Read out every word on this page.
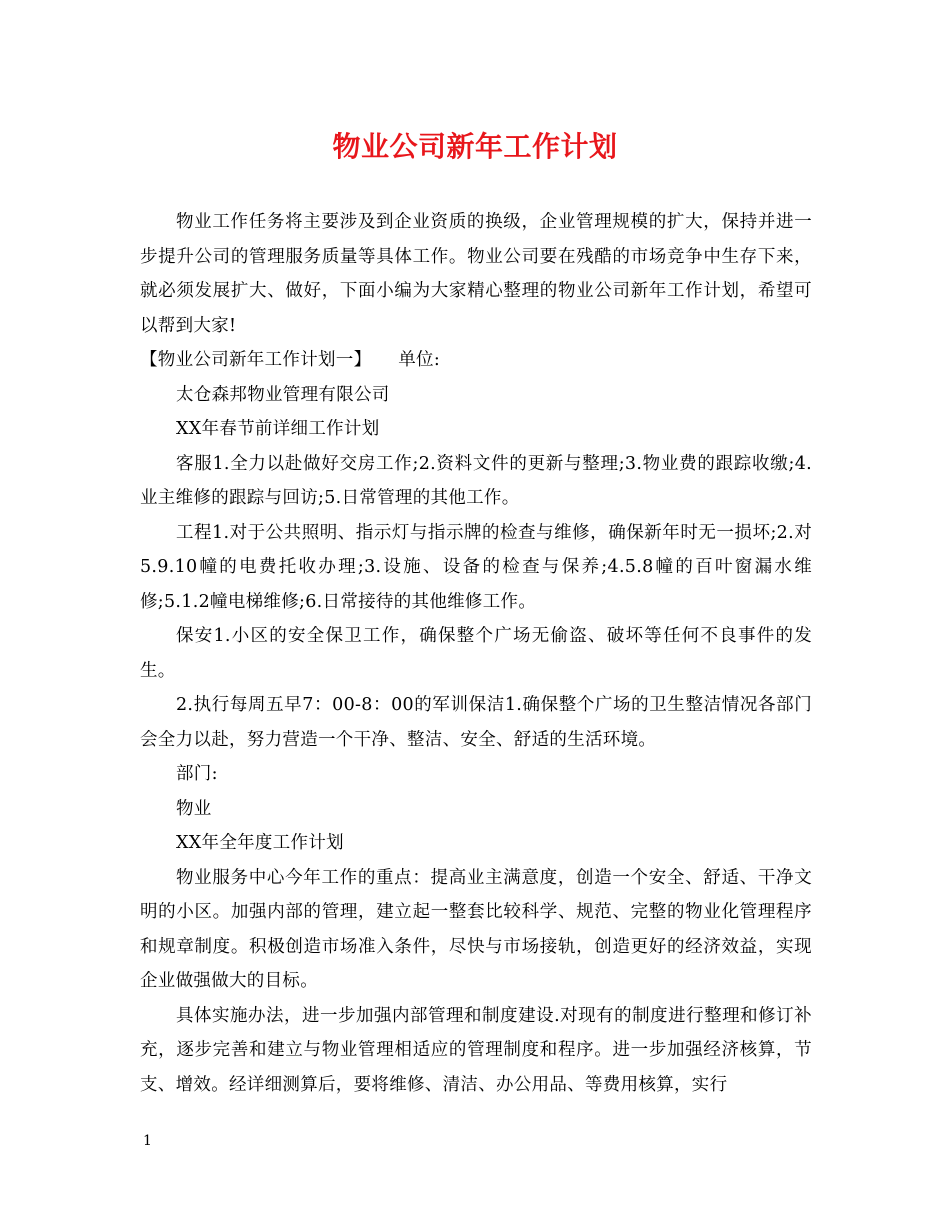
物业公司新年工作计划

物业工作任务将主要涉及到企业资质的换级，企业管理规模的扩大，保持并进一步提升公司的管理服务质量等具体工作。物业公司要在残酷的市场竞争中生存下来，就必须发展扩大、做好，下面小编为大家精心整理的物业公司新年工作计划，希望可以帮到大家!

【物业公司新年工作计划一】　　单位:

太仓森邦物业管理有限公司

XX年春节前详细工作计划

客服1.全力以赴做好交房工作;2.资料文件的更新与整理;3.物业费的跟踪收缴;4.业主维修的跟踪与回访;5.日常管理的其他工作。

工程1.对于公共照明、指示灯与指示牌的检查与维修，确保新年时无一损坏;2.对5.9.10幢的电费托收办理;3.设施、设备的检查与保养;4.5.8幢的百叶窗漏水维修;5.1.2幢电梯维修;6.日常接待的其他维修工作。

保安1.小区的安全保卫工作，确保整个广场无偷盗、破坏等任何不良事件的发生。

2.执行每周五早7：00-8：00的军训保洁1.确保整个广场的卫生整洁情况各部门会全力以赴，努力营造一个干净、整洁、安全、舒适的生活环境。

部门:

物业

XX年全年度工作计划

物业服务中心今年工作的重点：提高业主满意度，创造一个安全、舒适、干净文明的小区。加强内部的管理，建立起一整套比较科学、规范、完整的物业化管理程序和规章制度。积极创造市场准入条件，尽快与市场接轨，创造更好的经济效益，实现企业做强做大的目标。

具体实施办法，进一步加强内部管理和制度建设.对现有的制度进行整理和修订补充，逐步完善和建立与物业管理相适应的管理制度和程序。进一步加强经济核算，节支、增效。经详细测算后，要将维修、清洁、办公用品、等费用核算，实行

1
